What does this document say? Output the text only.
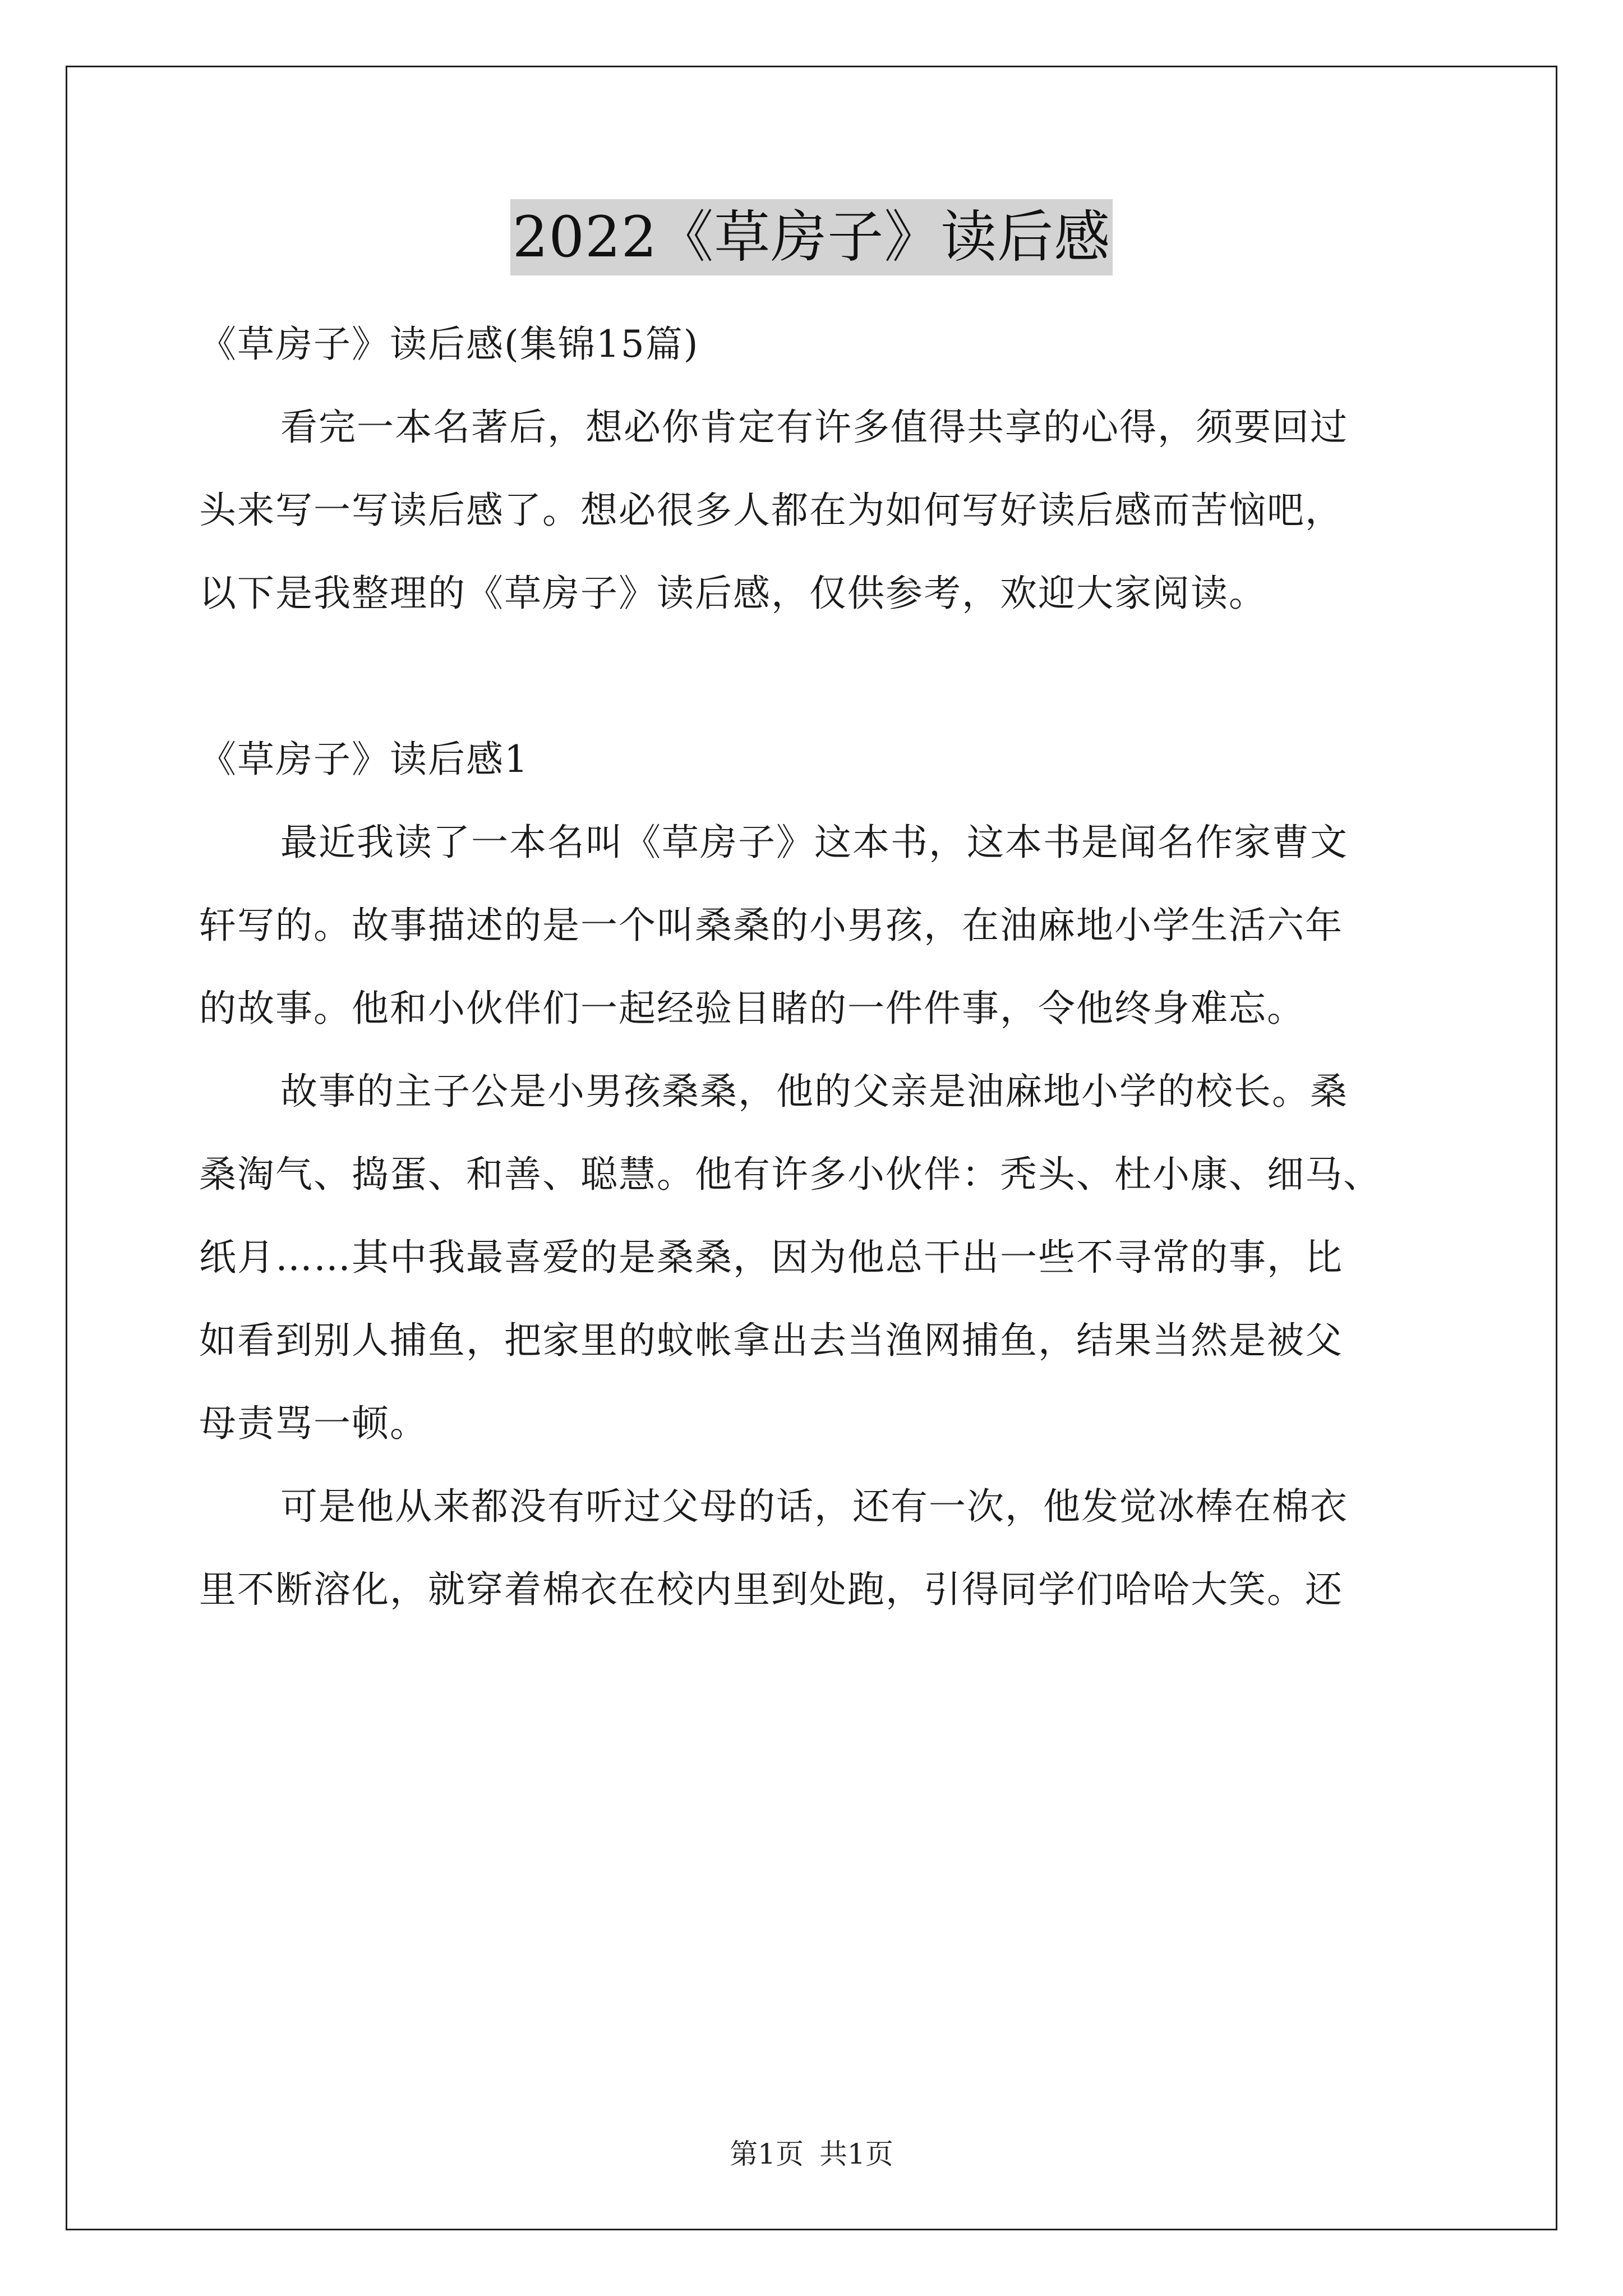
2022《草房子》读后感
《草房子》读后感(集锦15篇)
看完一本名著后，想必你肯定有许多值得共享的心得，须要回过
头来写一写读后感了。想必很多人都在为如何写好读后感而苦恼吧，
以下是我整理的《草房子》读后感，仅供参考，欢迎大家阅读。
《草房子》读后感1
最近我读了一本名叫《草房子》这本书，这本书是闻名作家曹文
轩写的。故事描述的是一个叫桑桑的小男孩，在油麻地小学生活六年
的故事。他和小伙伴们一起经验目睹的一件件事，令他终身难忘。
故事的主子公是小男孩桑桑，他的父亲是油麻地小学的校长。桑
桑淘气、捣蛋、和善、聪慧。他有许多小伙伴：秃头、杜小康、细马、
纸月……其中我最喜爱的是桑桑，因为他总干出一些不寻常的事，比
如看到别人捕鱼，把家里的蚊帐拿出去当渔网捕鱼，结果当然是被父
母责骂一顿。
可是他从来都没有听过父母的话，还有一次，他发觉冰棒在棉衣
里不断溶化，就穿着棉衣在校内里到处跑，引得同学们哈哈大笑。还
第1页 共1页
